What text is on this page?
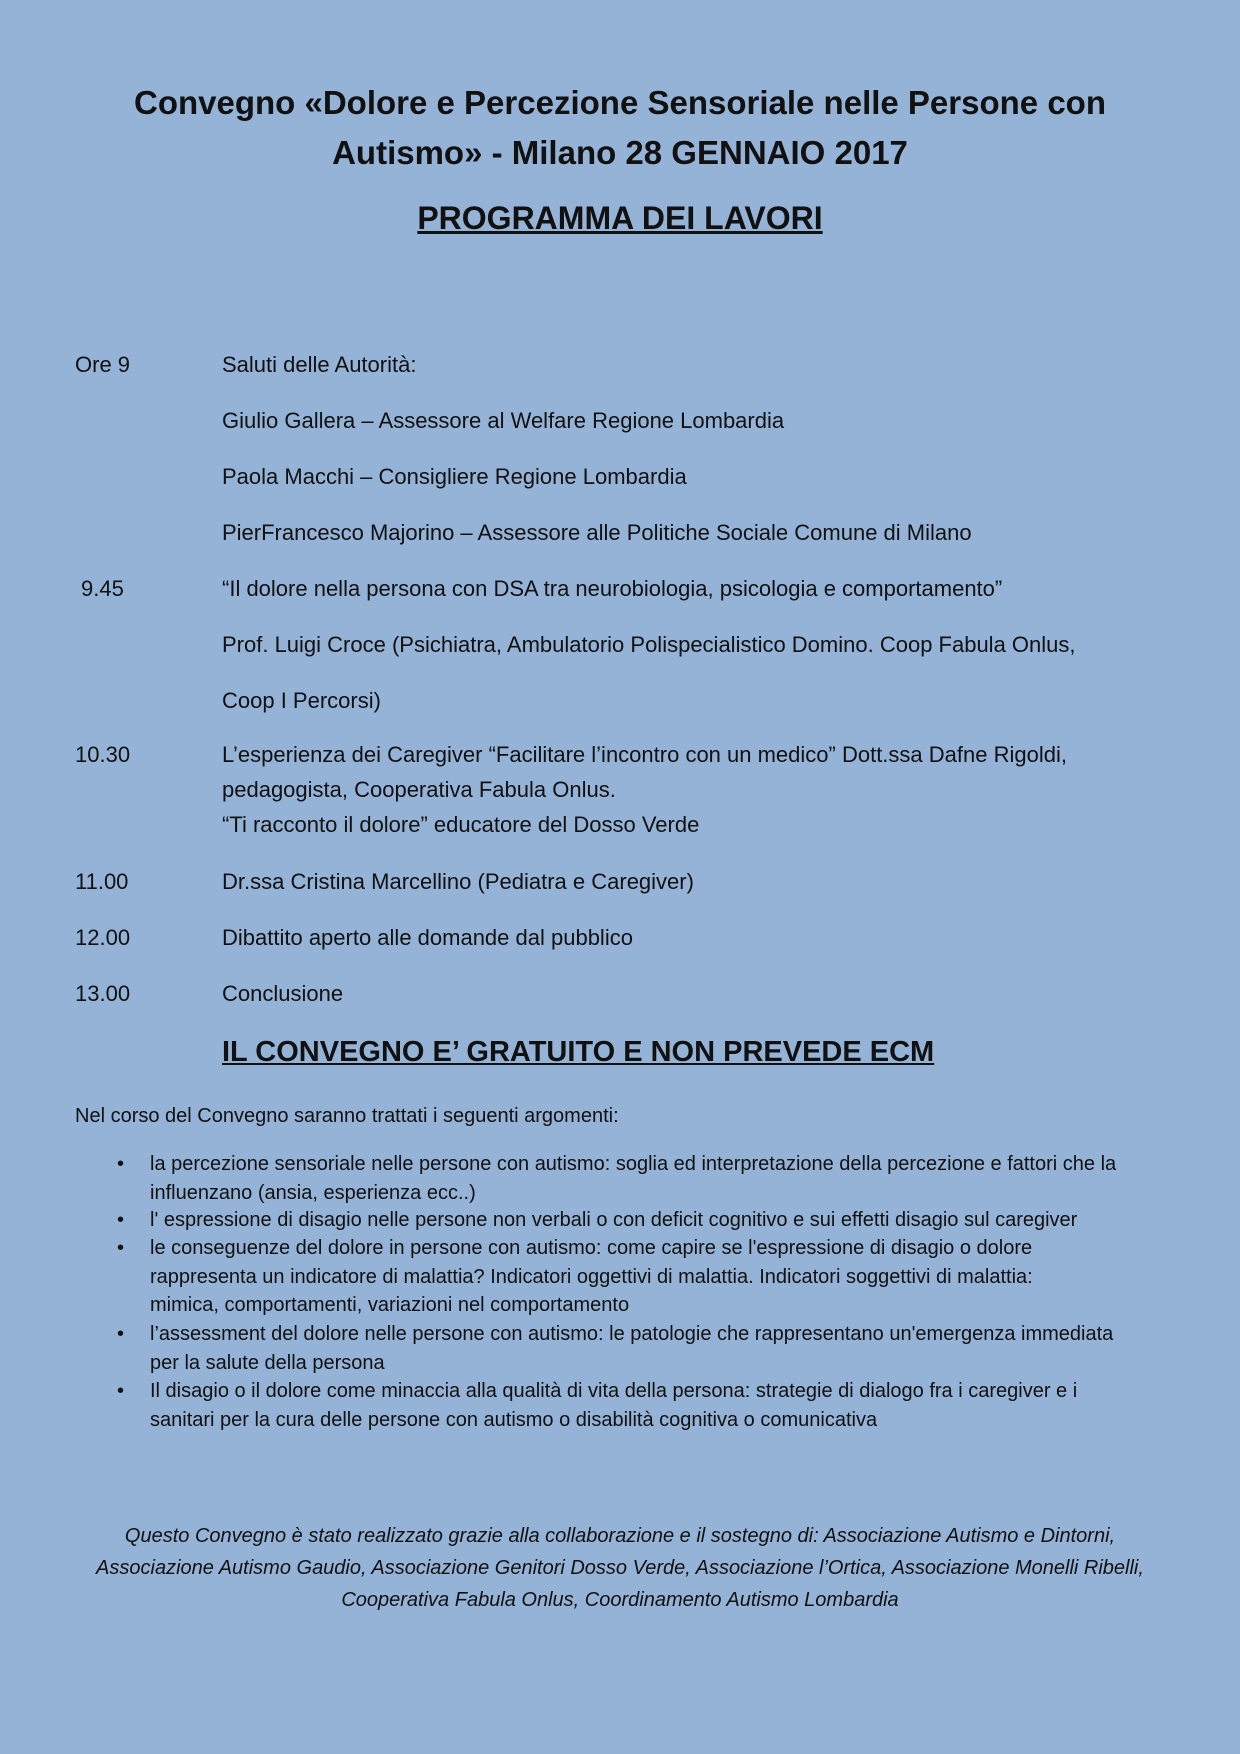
Convegno «Dolore e Percezione Sensoriale nelle Persone con
Autismo» - Milano 28 GENNAIO 2017
PROGRAMMA DEI LAVORI
Ore 9	Saluti delle Autorità:
Giulio Gallera – Assessore al Welfare Regione Lombardia
Paola Macchi – Consigliere Regione Lombardia
PierFrancesco Majorino – Assessore alle Politiche Sociale Comune di Milano
9.45	“Il dolore nella persona con DSA tra neurobiologia, psicologia e comportamento”
Prof. Luigi Croce (Psichiatra, Ambulatorio Polispecialistico Domino. Coop Fabula Onlus,
Coop I Percorsi)
10.30	L’esperienza dei Caregiver “Facilitare l’incontro con un medico” Dott.ssa Dafne Rigoldi,
pedagogista, Cooperativa Fabula Onlus.
“Ti racconto il dolore” educatore del Dosso Verde
11.00	Dr.ssa Cristina Marcellino (Pediatra e Caregiver)
12.00	Dibattito aperto alle domande dal pubblico
13.00	Conclusione
IL CONVEGNO E’ GRATUITO E NON PREVEDE ECM

Nel corso del Convegno saranno trattati i seguenti argomenti:

• la percezione sensoriale nelle persone con autismo: soglia ed interpretazione della percezione e fattori che la
influenzano (ansia, esperienza ecc..)
• l' espressione di disagio nelle persone non verbali o con deficit cognitivo e sui effetti disagio sul caregiver
• le conseguenze del dolore in persone con autismo: come capire se l'espressione di disagio o dolore
rappresenta un indicatore di malattia? Indicatori oggettivi di malattia. Indicatori soggettivi di malattia:
mimica, comportamenti, variazioni nel comportamento
• l’assessment del dolore nelle persone con autismo: le patologie che rappresentano un'emergenza immediata
per la salute della persona
• Il disagio o il dolore come minaccia alla qualità di vita della persona: strategie di dialogo fra i caregiver e i
sanitari per la cura delle persone con autismo o disabilità cognitiva o comunicativa

Questo Convegno è stato realizzato grazie alla collaborazione e il sostegno di: Associazione Autismo e Dintorni,
Associazione Autismo Gaudio, Associazione Genitori Dosso Verde, Associazione l’Ortica, Associazione Monelli Ribelli,
Cooperativa Fabula Onlus, Coordinamento Autismo Lombardia
